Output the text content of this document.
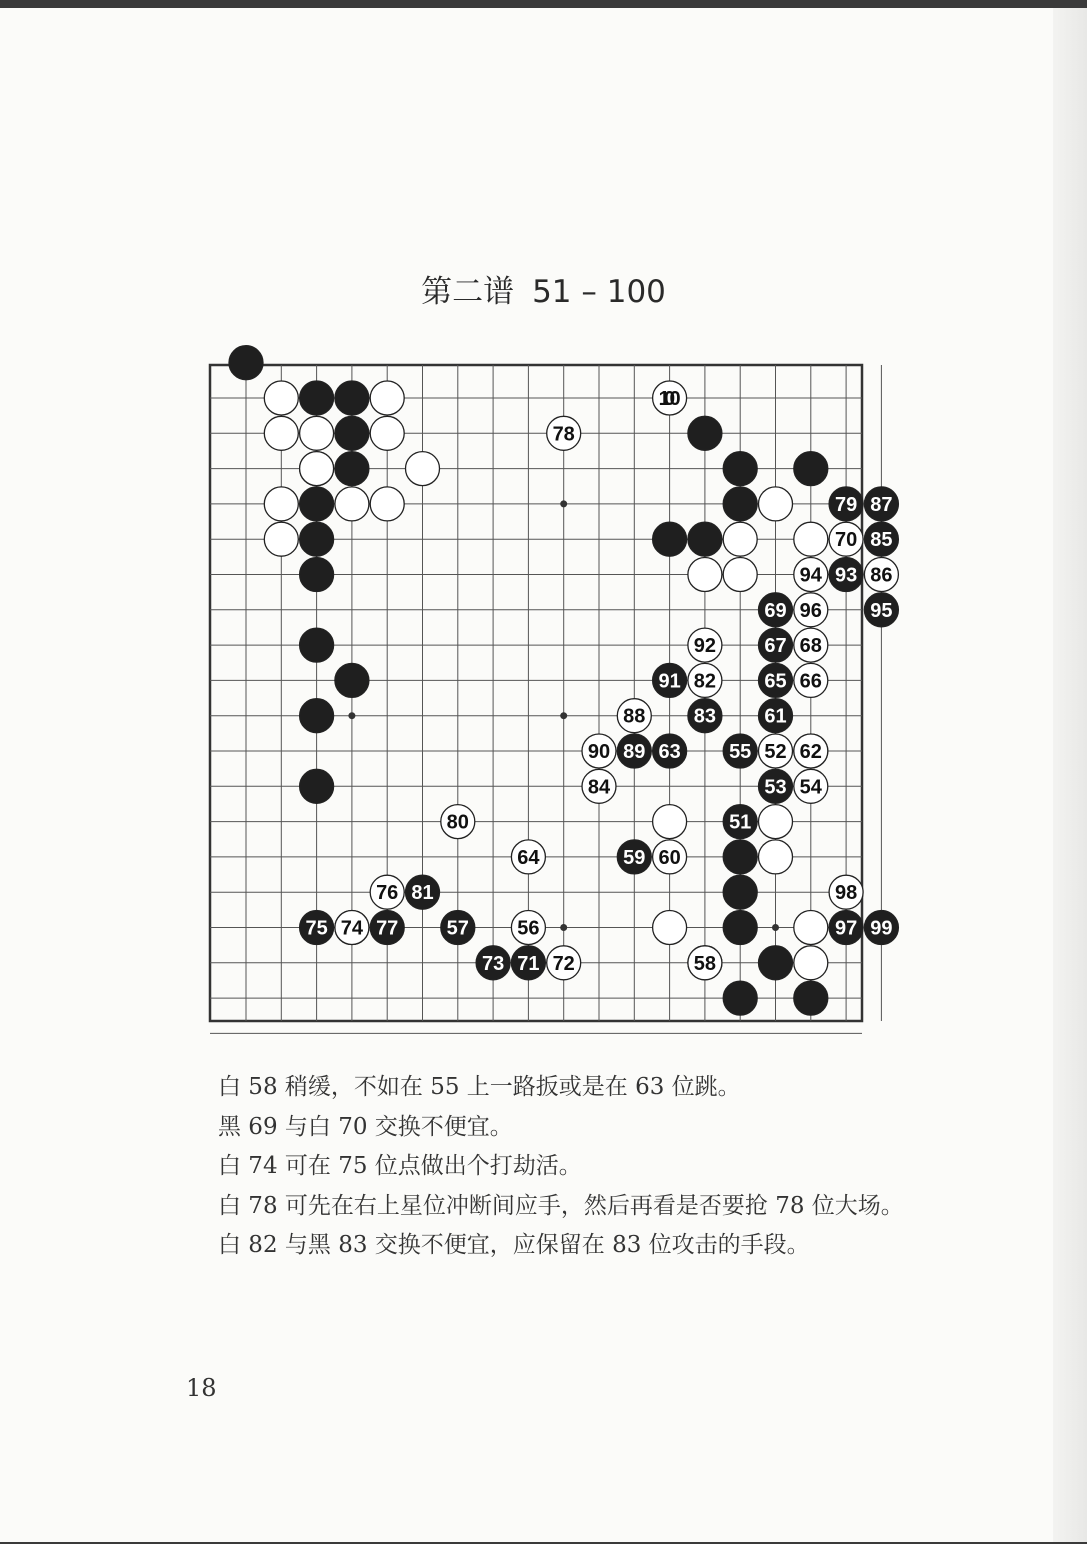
第二谱 51 – 100
100
78
79 87
70 85
94 93 86
69 96 95
92 67 68
91 82 65 66
88 83 61
90 89 63 55 52 62
84	53 54
80	51
64	59 60
76 81	98
75 74 77 57 56	97 99
73 71 72	58

白 58 稍缓，不如在 55 上一路扳或是在 63 位跳。

黑 69 与白 70 交换不便宜。

白 74 可在 75 位点做出个打劫活。

白 78 可先在右上星位冲断间应手，然后再看是否要抢 78 位大场。

白 82 与黑 83 交换不便宜，应保留在 83 位攻击的手段。

18
